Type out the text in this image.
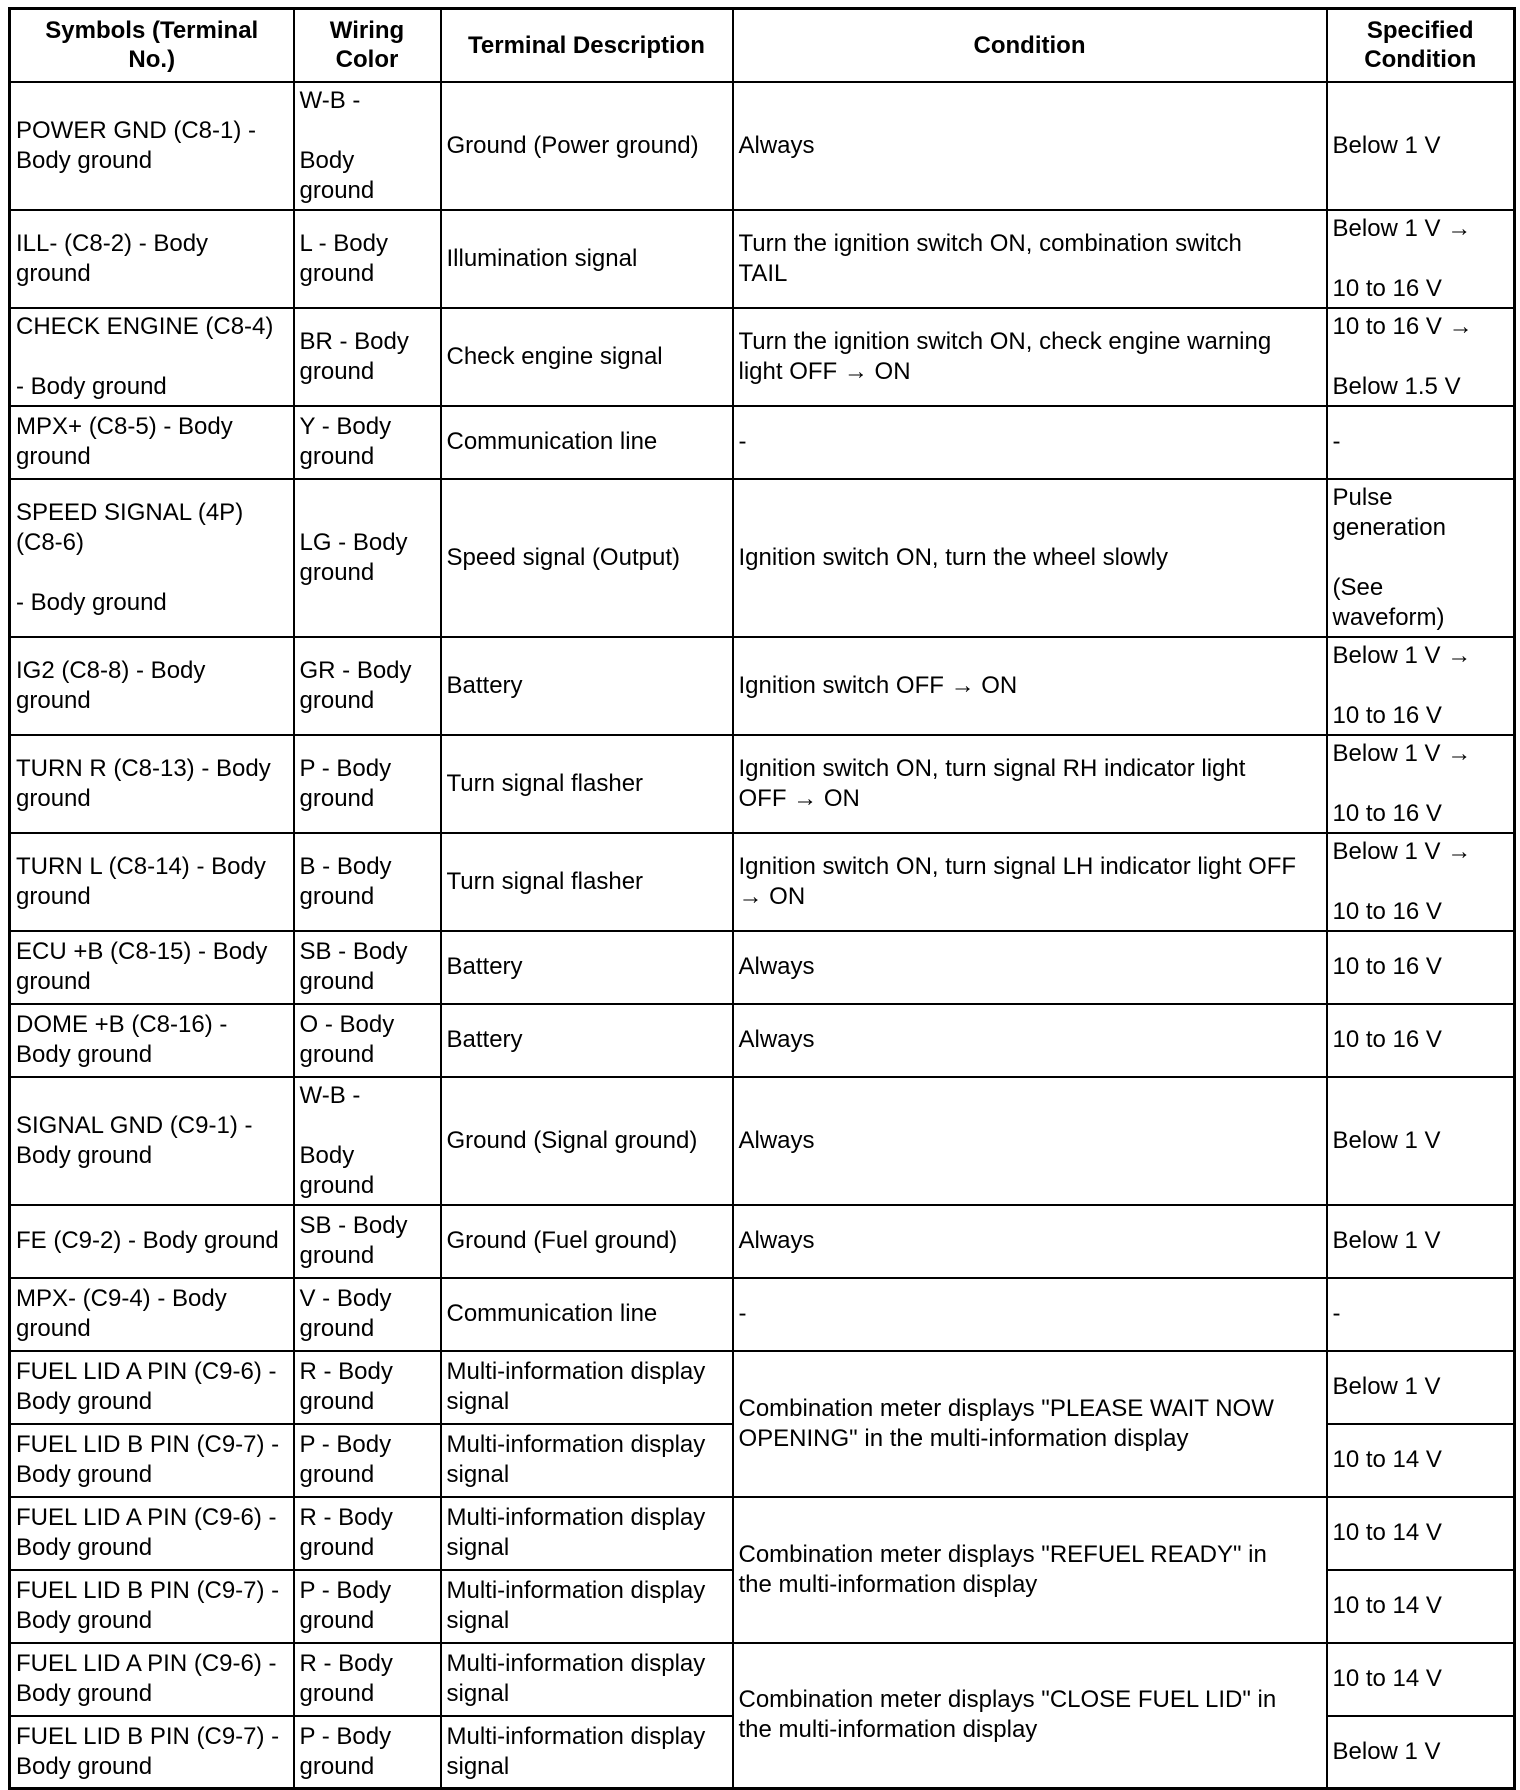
Symbols (Terminal
No.)	Wiring
Color	Terminal Description	Condition	Specified
Condition
POWER GND (C8-1) -
Body ground	W-B -

Body
ground	Ground (Power ground)	Always	Below 1 V
ILL- (C8-2) - Body
ground	L - Body
ground	Illumination signal	Turn the ignition switch ON, combination switch
TAIL	Below 1 V →

10 to 16 V
CHECK ENGINE (C8-4)

- Body ground	BR - Body
ground	Check engine signal	Turn the ignition switch ON, check engine warning
light OFF → ON	10 to 16 V →

Below 1.5 V
MPX+ (C8-5) - Body
ground	Y - Body
ground	Communication line	-	-
SPEED SIGNAL (4P)
(C8-6)

- Body ground	LG - Body
ground	Speed signal (Output)	Ignition switch ON, turn the wheel slowly	Pulse
generation

(See
waveform)
IG2 (C8-8) - Body
ground	GR - Body
ground	Battery	Ignition switch OFF → ON	Below 1 V →

10 to 16 V
TURN R (C8-13) - Body
ground	P - Body
ground	Turn signal flasher	Ignition switch ON, turn signal RH indicator light
OFF → ON	Below 1 V →

10 to 16 V
TURN L (C8-14) - Body
ground	B - Body
ground	Turn signal flasher	Ignition switch ON, turn signal LH indicator light OFF
→ ON	Below 1 V →

10 to 16 V
ECU +B (C8-15) - Body
ground	SB - Body
ground	Battery	Always	10 to 16 V
DOME +B (C8-16) -
Body ground	O - Body
ground	Battery	Always	10 to 16 V
SIGNAL GND (C9-1) -
Body ground	W-B -

Body
ground	Ground (Signal ground)	Always	Below 1 V
FE (C9-2) - Body ground	SB - Body
ground	Ground (Fuel ground)	Always	Below 1 V
MPX- (C9-4) - Body
ground	V - Body
ground	Communication line	-	-
FUEL LID A PIN (C9-6) -
Body ground	R - Body
ground	Multi-information display
signal	Combination meter displays "PLEASE WAIT NOW
OPENING" in the multi-information display	Below 1 V
FUEL LID B PIN (C9-7) -
Body ground	P - Body
ground	Multi-information display
signal		10 to 14 V
FUEL LID A PIN (C9-6) -
Body ground	R - Body
ground	Multi-information display
signal	Combination meter displays "REFUEL READY" in
the multi-information display	10 to 14 V
FUEL LID B PIN (C9-7) -
Body ground	P - Body
ground	Multi-information display
signal		10 to 14 V
FUEL LID A PIN (C9-6) -
Body ground	R - Body
ground	Multi-information display
signal	Combination meter displays "CLOSE FUEL LID" in
the multi-information display	10 to 14 V
FUEL LID B PIN (C9-7) -
Body ground	P - Body
ground	Multi-information display
signal		Below 1 V
